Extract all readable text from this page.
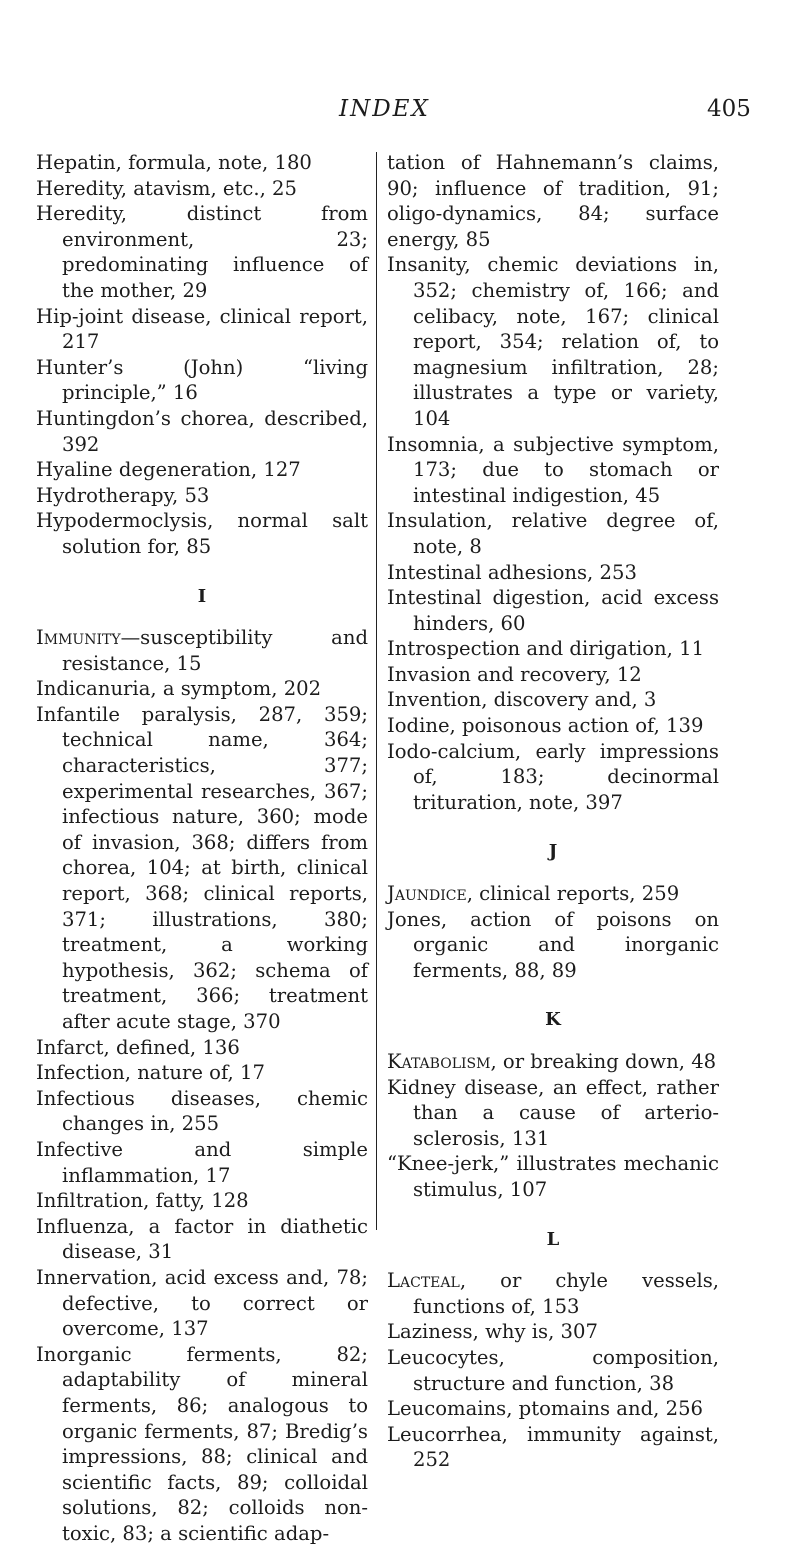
INDEX	405

Hepatin, formula, note, 180

Heredity, atavism, etc., 25

Heredity, distinct from environment, 23; predominating influence of the mother, 29

Hip-joint disease, clinical report, 217

Hunter’s (John) “living principle,” 16

Huntingdon’s chorea, described, 392

Hyaline degeneration, 127

Hydrotherapy, 53

Hypodermoclysis, normal salt solution for, 85

I

Immunity—susceptibility and resistance, 15

Indicanuria, a symptom, 202

Infantile paralysis, 287, 359; technical name, 364; characteristics, 377; experimental researches, 367; infectious nature, 360; mode of invasion, 368; differs from chorea, 104; at birth, clinical report, 368; clinical reports, 371; illustrations, 380; treatment, a working hypothesis, 362; schema of treatment, 366; treatment after acute stage, 370

Infarct, defined, 136

Infection, nature of, 17

Infectious diseases, chemic changes in, 255

Infective and simple inflammation, 17

Infiltration, fatty, 128

Influenza, a factor in diathetic disease, 31

Innervation, acid excess and, 78; defective, to correct or overcome, 137

Inorganic ferments, 82; adaptability of mineral ferments, 86; analogous to organic ferments, 87; Bredig’s impressions, 88; clinical and scientific facts, 89; colloidal solutions, 82; colloids non-toxic, 83; a scientific adap-

tation of Hahnemann’s claims, 90; influence of tradition, 91; oligo-dynamics, 84; surface energy, 85

Insanity, chemic deviations in, 352; chemistry of, 166; and celibacy, note, 167; clinical report, 354; relation of, to magnesium infiltration, 28; illustrates a type or variety, 104

Insomnia, a subjective symptom, 173; due to stomach or intestinal indigestion, 45

Insulation, relative degree of, note, 8

Intestinal adhesions, 253

Intestinal digestion, acid excess hinders, 60

Introspection and dirigation, 11

Invasion and recovery, 12

Invention, discovery and, 3

Iodine, poisonous action of, 139

Iodo-calcium, early impressions of, 183; decinormal trituration, note, 397

J

Jaundice, clinical reports, 259

Jones, action of poisons on organic and inorganic ferments, 88, 89

K

Katabolism, or breaking down, 48

Kidney disease, an effect, rather than a cause of arterio-sclerosis, 131

“Knee-jerk,” illustrates mechanic stimulus, 107

L

Lacteal, or chyle vessels, functions of, 153

Laziness, why is, 307

Leucocytes, composition, structure and function, 38

Leucomains, ptomains and, 256

Leucorrhea, immunity against, 252
